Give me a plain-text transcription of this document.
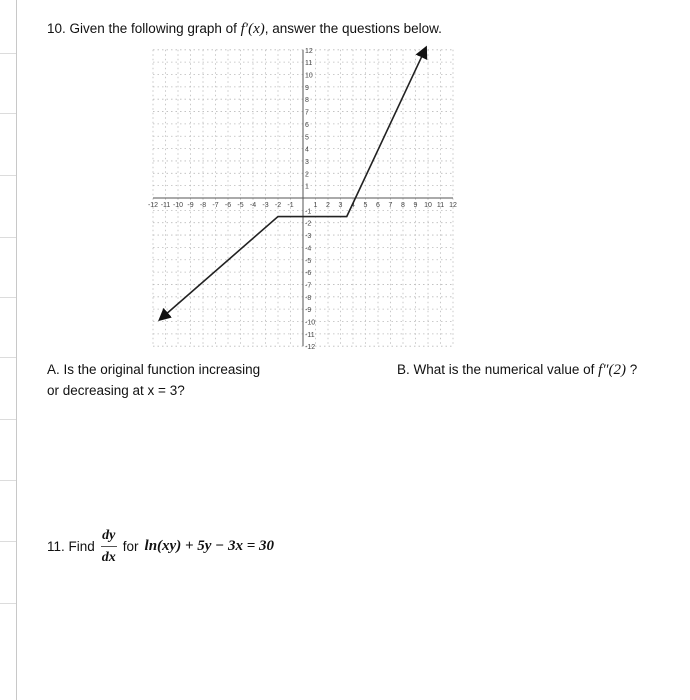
10. Given the following graph of f′(x), answer the questions below.
-12 -11 -10 -9 -8 -7 -6 -5 -4 -3 -2 -1	1 2 3 4 5 6 7 8 9 10 11 12
-12
-11
-10
-9
-8
-7
-6
-5
-4
-3
-2
-1
1
2
3
4
5
6
7
8
9
10
11
12
A. Is the original function increasing
or decreasing at x = 3?
B. What is the numerical value of f″(2) ?
11. Find $\frac{dy}{dx}$ for ln(xy) + 5y − 3x = 30
